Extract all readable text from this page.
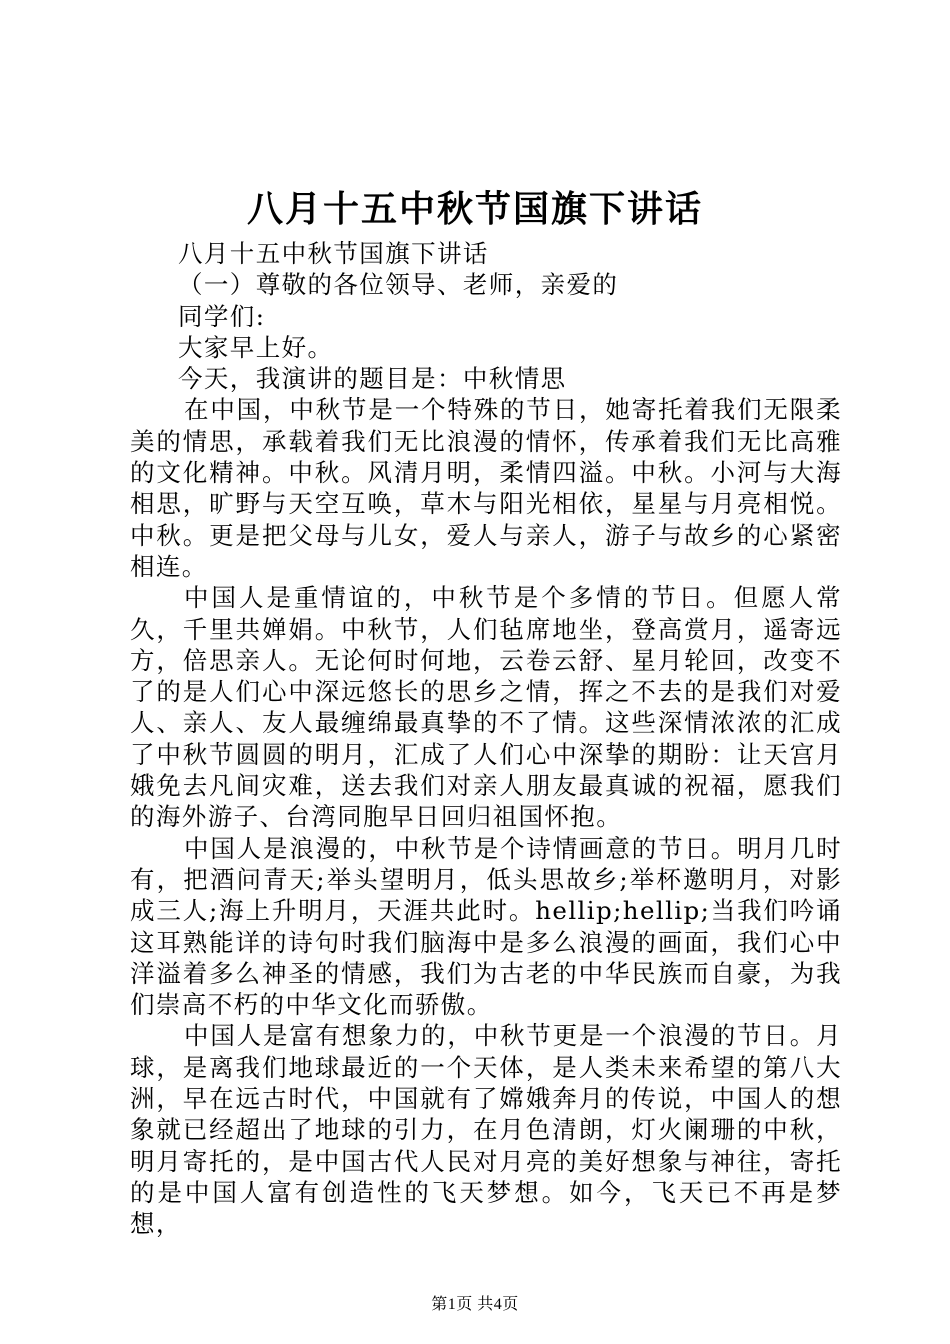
八月十五中秋节国旗下讲话
八月十五中秋节国旗下讲话
（一）尊敬的各位领导、老师，亲爱的
同学们:
大家早上好。
今天，我演讲的题目是：中秋情思

在中国，中秋节是一个特殊的节日，她寄托着我们无限柔美的情思，承载着我们无比浪漫的情怀，传承着我们无比高雅的文化精神。中秋。风清月明，柔情四溢。中秋。小河与大海相思，旷野与天空互唤，草木与阳光相依，星星与月亮相悦。中秋。更是把父母与儿女，爱人与亲人，游子与故乡的心紧密相连。

中国人是重情谊的，中秋节是个多情的节日。但愿人常久，千里共婵娟。中秋节，人们毡席地坐，登高赏月，遥寄远方，倍思亲人。无论何时何地，云卷云舒、星月轮回，改变不了的是人们心中深远悠长的思乡之情，挥之不去的是我们对爱人、亲人、友人最缠绵最真挚的不了情。这些深情浓浓的汇成了中秋节圆圆的明月，汇成了人们心中深挚的期盼：让天宫月娥免去凡间灾难，送去我们对亲人朋友最真诚的祝福，愿我们的海外游子、台湾同胞早日回归祖国怀抱。

中国人是浪漫的，中秋节是个诗情画意的节日。明月几时有，把酒问青天;举头望明月，低头思故乡;举杯邀明月，对影成三人;海上升明月，天涯共此时。hellip;hellip;当我们吟诵这耳熟能详的诗句时我们脑海中是多么浪漫的画面，我们心中洋溢着多么神圣的情感，我们为古老的中华民族而自豪，为我们崇高不朽的中华文化而骄傲。

中国人是富有想象力的，中秋节更是一个浪漫的节日。月球，是离我们地球最近的一个天体，是人类未来希望的第八大洲，早在远古时代，中国就有了嫦娥奔月的传说，中国人的想象就已经超出了地球的引力，在月色清朗，灯火阑珊的中秋，明月寄托的，是中国古代人民对月亮的美好想象与神往，寄托的是中国人富有创造性的飞天梦想。如今，飞天已不再是梦想，

第1页 共4页
